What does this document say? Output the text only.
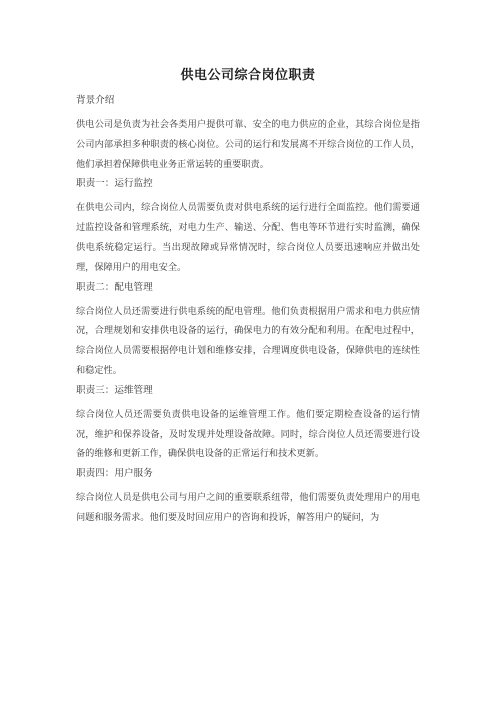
供电公司综合岗位职责
背景介绍
供电公司是负责为社会各类用户提供可靠、安全的电力供应的企业，其综合岗位是指公司内部承担多种职责的核心岗位。公司的运行和发展离不开综合岗位的工作人员，他们承担着保障供电业务正常运转的重要职责。
职责一：运行监控
在供电公司内，综合岗位人员需要负责对供电系统的运行进行全面监控。他们需要通过监控设备和管理系统，对电力生产、输送、分配、售电等环节进行实时监测，确保供电系统稳定运行。当出现故障或异常情况时，综合岗位人员要迅速响应并做出处理，保障用户的用电安全。
职责二：配电管理
综合岗位人员还需要进行供电系统的配电管理。他们负责根据用户需求和电力供应情况，合理规划和安排供电设备的运行，确保电力的有效分配和利用。在配电过程中，综合岗位人员需要根据停电计划和维修安排，合理调度供电设备，保障供电的连续性和稳定性。
职责三：运维管理
综合岗位人员还需要负责供电设备的运维管理工作。他们要定期检查设备的运行情况，维护和保养设备，及时发现并处理设备故障。同时，综合岗位人员还需要进行设备的维修和更新工作，确保供电设备的正常运行和技术更新。
职责四：用户服务
综合岗位人员是供电公司与用户之间的重要联系纽带，他们需要负责处理用户的用电问题和服务需求。他们要及时回应用户的咨询和投诉，解答用户的疑问，为
